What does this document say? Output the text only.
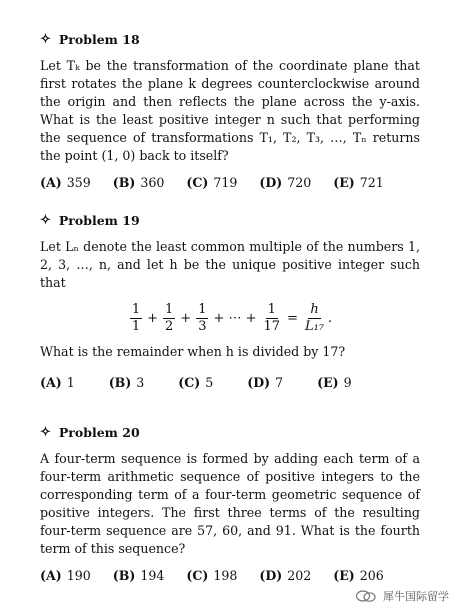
✧ Problem 18
Let Tₖ be the transformation of the coordinate plane that first rotates the plane k degrees counterclockwise around the origin and then reflects the plane across the y-axis. What is the least positive integer n such that performing the sequence of transformations T₁, T₂, T₃, …, Tₙ returns the point (1, 0) back to itself?
(A) 359 (B) 360 (C) 719 (D) 720 (E) 721
✧ Problem 19
Let Lₙ denote the least common multiple of the numbers 1, 2, 3, …, n, and let h be the unique positive integer such that
$\frac{1}{1} + \frac{1}{2} + \frac{1}{3}$ + ⋯ + $\frac{1}{17} = \frac{h}{\text{L₁₇}}$ .
What is the remainder when h is divided by 17?
(A) 1	(B) 3	(C) 5	(D) 7	(E) 9
✧ Problem 20
A four-term sequence is formed by adding each term of a four-term arithmetic sequence of positive integers to the corresponding term of a four-term geometric sequence of positive integers. The first three terms of the resulting four-term sequence are 57, 60, and 91. What is the fourth term of this sequence?
(A) 190 (B) 194 (C) 198 (D) 202 (E) 206
犀牛国际留学
